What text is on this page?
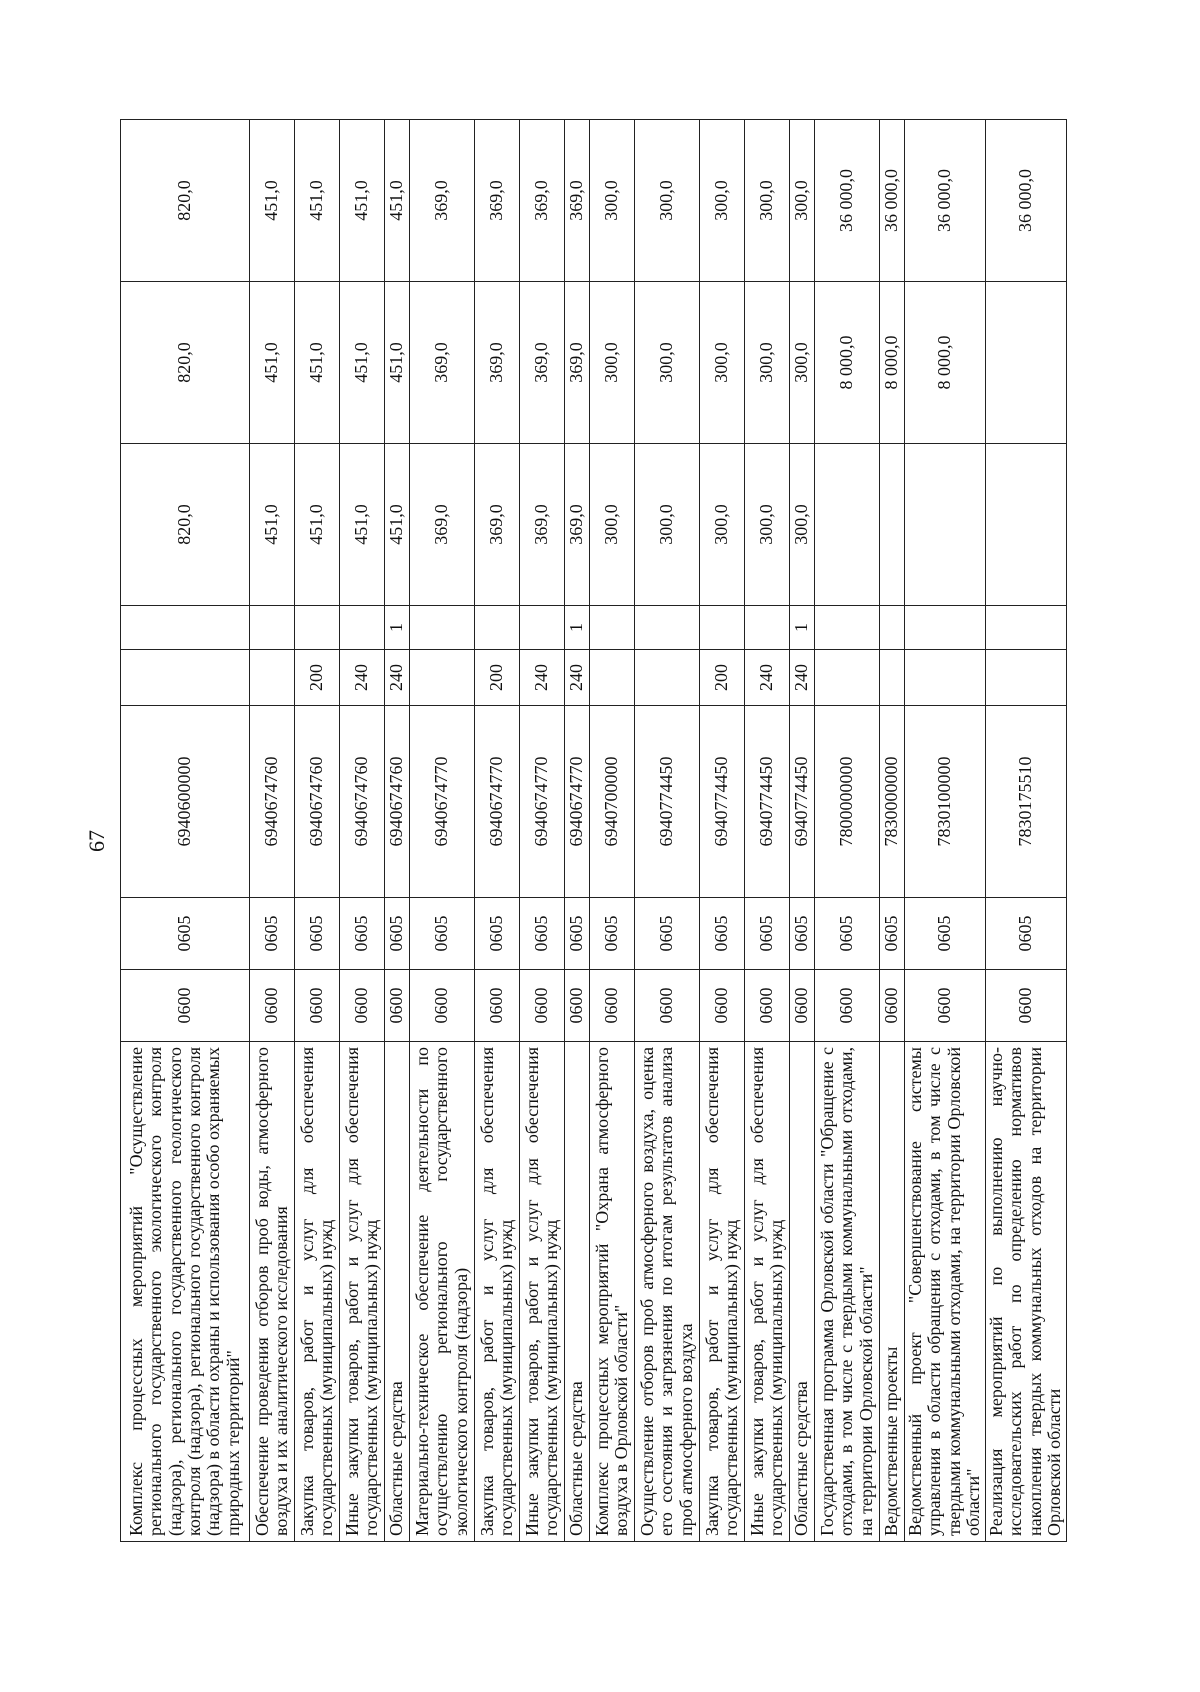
67
Комплекс процессных мероприятий "Осуществление регионального государственного экологического контроля (надзора), регионального государственного геологического контроля (надзора), регионального государственного контроля (надзора) в области охраны и использования особо охраняемых природных территорий"	0600	0605	6940600000			820,0	820,0	820,0
Обеспечение проведения отборов проб воды, атмосферного воздуха и их аналитического исследования	0600	0605	6940674760			451,0	451,0	451,0
Закупка товаров, работ и услуг для обеспечения государственных (муниципальных) нужд	0600	0605	6940674760	200		451,0	451,0	451,0
Иные закупки товаров, работ и услуг для обеспечения государственных (муниципальных) нужд	0600	0605	6940674760	240		451,0	451,0	451,0
Областные средства	0600	0605	6940674760	240	1	451,0	451,0	451,0
Материально-техническое обеспечение деятельности по осуществлению регионального государственного экологического контроля (надзора)	0600	0605	6940674770			369,0	369,0	369,0
Закупка товаров, работ и услуг для обеспечения государственных (муниципальных) нужд	0600	0605	6940674770	200		369,0	369,0	369,0
Иные закупки товаров, работ и услуг для обеспечения государственных (муниципальных) нужд	0600	0605	6940674770	240		369,0	369,0	369,0
Областные средства	0600	0605	6940674770	240	1	369,0	369,0	369,0
Комплекс процессных мероприятий "Охрана атмосферного воздуха в Орловской области"	0600	0605	6940700000			300,0	300,0	300,0
Осуществление отборов проб атмосферного воздуха, оценка его состояния и загрязнения по итогам результатов анализа проб атмосферного воздуха	0600	0605	6940774450			300,0	300,0	300,0
Закупка товаров, работ и услуг для обеспечения государственных (муниципальных) нужд	0600	0605	6940774450	200		300,0	300,0	300,0
Иные закупки товаров, работ и услуг для обеспечения государственных (муниципальных) нужд	0600	0605	6940774450	240		300,0	300,0	300,0
Областные средства	0600	0605	6940774450	240	1	300,0	300,0	300,0
Государственная программа Орловской области "Обращение с отходами, в том числе с твердыми коммунальными отходами, на территории Орловской области"	0600	0605	7800000000				8 000,0	36 000,0
Ведомственные проекты	0600	0605	7830000000				8 000,0	36 000,0
Ведомственный проект "Совершенствование системы управления в области обращения с отходами, в том числе с твердыми коммунальными отходами, на территории Орловской области"	0600	0605	7830100000				8 000,0	36 000,0
Реализация мероприятий по выполнению научно-исследовательских работ по определению нормативов накопления твердых коммунальных отходов на территории Орловской области	0600	0605	7830175510					36 000,0
